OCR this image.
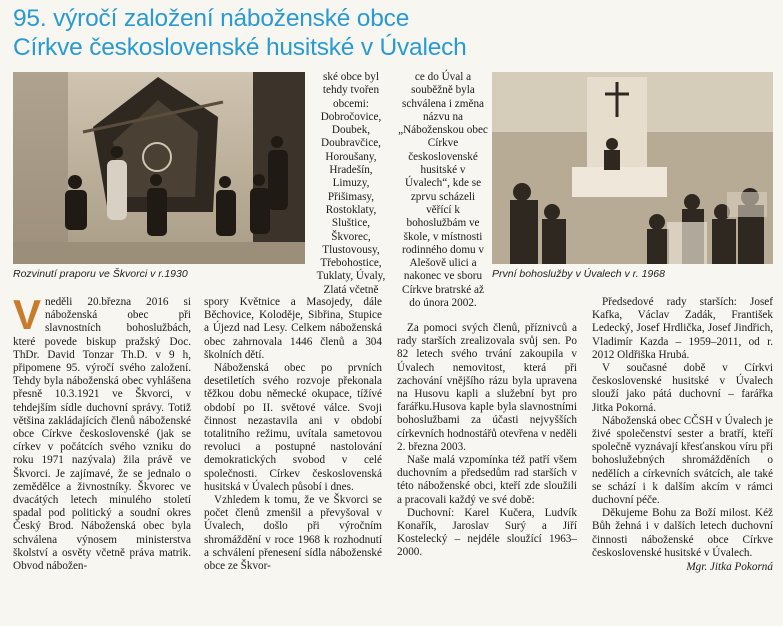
95. výročí založení náboženské obce
Církve československé husitské v Úvalech
Rozvinutí praporu ve Škvorci v r.1930	První bohoslužby v Úvalech v r. 1968
ské obce byl tehdy tvořen obcemi: Dobročovice, Doubek, Doubravčice, Horoušany, Hradešín, Limuzy, Přišimasy, Rostoklaty, Sluštice, Škvorec, Tlustovousy, Třebohostice, Tuklaty, Úvaly, Zlatá včetně
ce do Úval a souběžně byla schválena i změna názvu na „Náboženskou obec Církve československé husitské v Úvalech“, kde se zprvu scházeli věřící k bohoslužbám ve škole, v místnosti rodinného domu v Alešově ulici a nakonec ve sboru Církve bratrské až do února 2002.

V neděli 20.března 2016 si náboženská obec při slavnostních bohoslužbách, které povede biskup pražský Doc. ThDr. David Tonzar Th.D. v 9 h, připomene 95. výročí svého založení. Tehdy byla náboženská obec vyhlášena přesně 10.3.1921 ve Škvorci, v tehdejším sídle duchovní správy. Totiž většina zakládajících členů náboženské obce Církve československé (jak se církev v počátcích svého vzniku do roku 1971 nazývala) žila právě ve Škvorci. Je zajímavé, že se jednalo o zemědělce a živnostníky. Škvorec ve dvacátých letech minulého století spadal pod politický a soudní okres Český Brod. Náboženská obec byla schválena výnosem ministerstva školství a osvěty včetně práva matrik. Obvod nábožen-

spory Květnice a Masojedy, dále Běchovice, Koloděje, Sibřina, Stupice a Újezd nad Lesy. Celkem náboženská obec zahrnovala 1446 členů a 304 školních dětí.

Náboženská obec po prvních desetiletích svého rozvoje překonala těžkou dobu německé okupace, tížívé období po II. světové válce. Svoji činnost nezastavila ani v období totalitního režimu, uvítala sametovou revoluci a postupné nastolování demokratických svobod v celé společnosti. Církev československá husitská v Úvalech působí i dnes.

Vzhledem k tomu, že ve Škvorci se počet členů zmenšil a převyšoval v Úvalech, došlo při výročním shromáždění v roce 1968 k rozhodnutí a schválení přenesení sídla náboženské obce ze Škvor-

Za pomoci svých členů, příznivců a rady starších zrealizovala svůj sen. Po 82 letech svého trvání zakoupila v Úvalech nemovitost, která při zachování vnějšího rázu byla upravena na Husovu kapli a služební byt pro farářku.Husova kaple byla slavnostními bohoslužbami za účasti nejvyšších církevních hodnostářů otevřena v neděli 2. března 2003.

Naše malá vzpomínka též patří všem duchovním a předsedům rad starších v této náboženské obci, kteří zde sloužili a pracovali každý ve své době:

Duchovní: Karel Kučera, Ludvík Konařík, Jaroslav Surý a Jiří Kostelecký – nejdéle sloužící 1963–2000.

Předsedové rady starších: Josef Kafka, Václav Zadák, František Ledecký, Josef Hrdlička, Josef Jindřich, Vladimír Kazda – 1959–2011, od r. 2012 Oldřiška Hrubá.

V současné době v Církvi československé husitské v Úvalech slouží jako pátá duchovní – farářka Jitka Pokorná.

Náboženská obec CČSH v Úvalech je živé společenství sester a bratří, kteří společně vyznávají křesťanskou víru při bohoslužebných shromážděních o nedělích a církevních svátcích, ale také se schází i k dalším akcím v rámci duchovní péče.

Děkujeme Bohu za Boží milost. Kéž Bůh žehná i v dalších letech duchovní činnosti náboženské obce Církve československé husitské v Úvalech.

Mgr. Jitka Pokorná
